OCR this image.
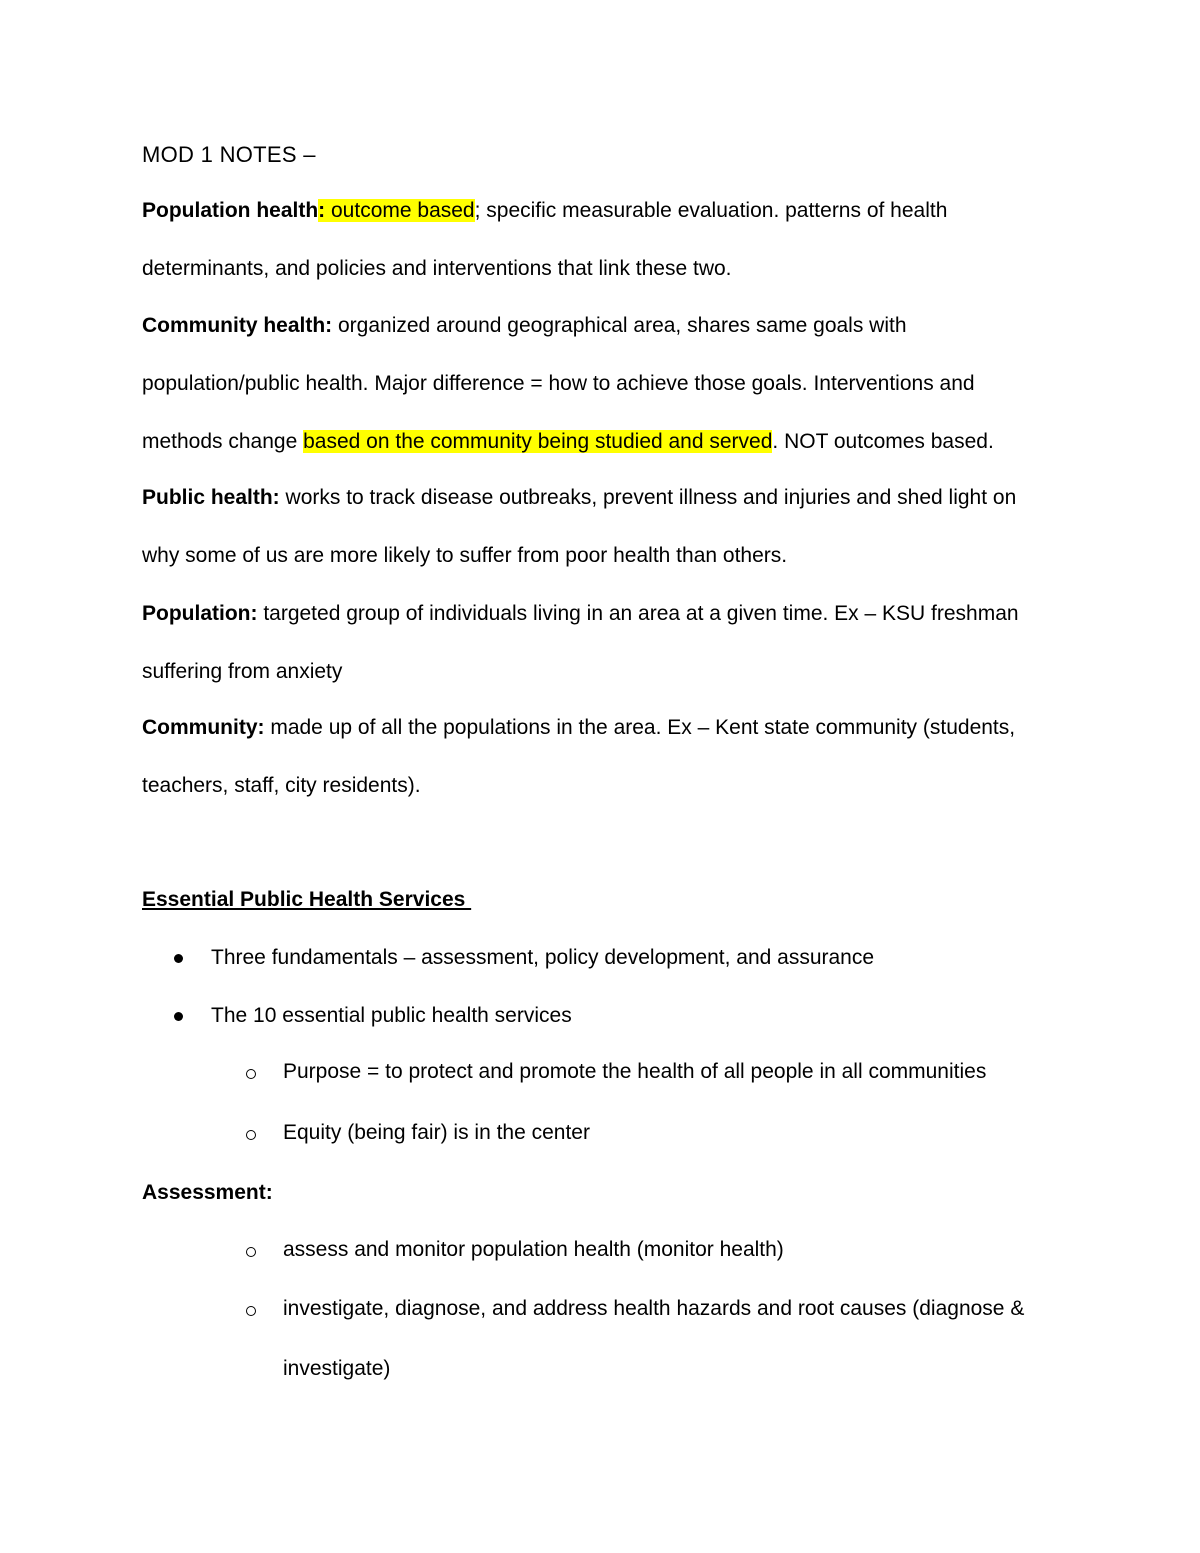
MOD 1 NOTES –
Population health: outcome based; specific measurable evaluation. patterns of health
determinants, and policies and interventions that link these two.
Community health: organized around geographical area, shares same goals with
population/public health. Major difference = how to achieve those goals. Interventions and
methods change based on the community being studied and served. NOT outcomes based.
Public health: works to track disease outbreaks, prevent illness and injuries and shed light on
why some of us are more likely to suffer from poor health than others.
Population: targeted group of individuals living in an area at a given time. Ex – KSU freshman
suffering from anxiety
Community: made up of all the populations in the area. Ex – Kent state community (students,
teachers, staff, city residents).
Essential Public Health Services
Three fundamentals – assessment, policy development, and assurance
The 10 essential public health services
Purpose = to protect and promote the health of all people in all communities
Equity (being fair) is in the center
Assessment:
assess and monitor population health (monitor health)
investigate, diagnose, and address health hazards and root causes (diagnose &
investigate)
